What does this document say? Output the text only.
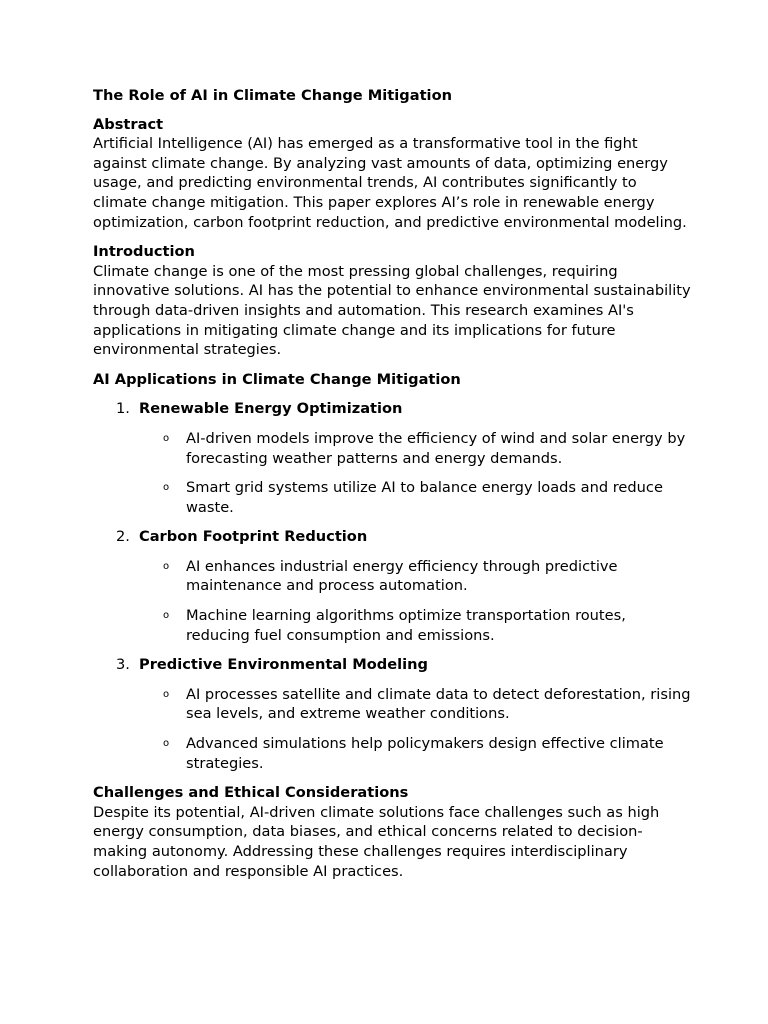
The Role of AI in Climate Change Mitigation

Abstract

Artificial Intelligence (AI) has emerged as a transformative tool in the fight against climate change. By analyzing vast amounts of data, optimizing energy usage, and predicting environmental trends, AI contributes significantly to climate change mitigation. This paper explores AI’s role in renewable energy optimization, carbon footprint reduction, and predictive environmental modeling.

Introduction

Climate change is one of the most pressing global challenges, requiring innovative solutions. AI has the potential to enhance environmental sustainability through data-driven insights and automation. This research examines AI's applications in mitigating climate change and its implications for future environmental strategies.

AI Applications in Climate Change Mitigation

1. Renewable Energy Optimization
o	AI-driven models improve the efficiency of wind and solar energy by forecasting weather patterns and energy demands.
o	Smart grid systems utilize AI to balance energy loads and reduce waste.
2. Carbon Footprint Reduction
o	AI enhances industrial energy efficiency through predictive maintenance and process automation.
o	Machine learning algorithms optimize transportation routes, reducing fuel consumption and emissions.
3. Predictive Environmental Modeling
o	AI processes satellite and climate data to detect deforestation, rising sea levels, and extreme weather conditions.
o	Advanced simulations help policymakers design effective climate strategies.

Challenges and Ethical Considerations

Despite its potential, AI-driven climate solutions face challenges such as high energy consumption, data biases, and ethical concerns related to decision-making autonomy. Addressing these challenges requires interdisciplinary collaboration and responsible AI practices.
